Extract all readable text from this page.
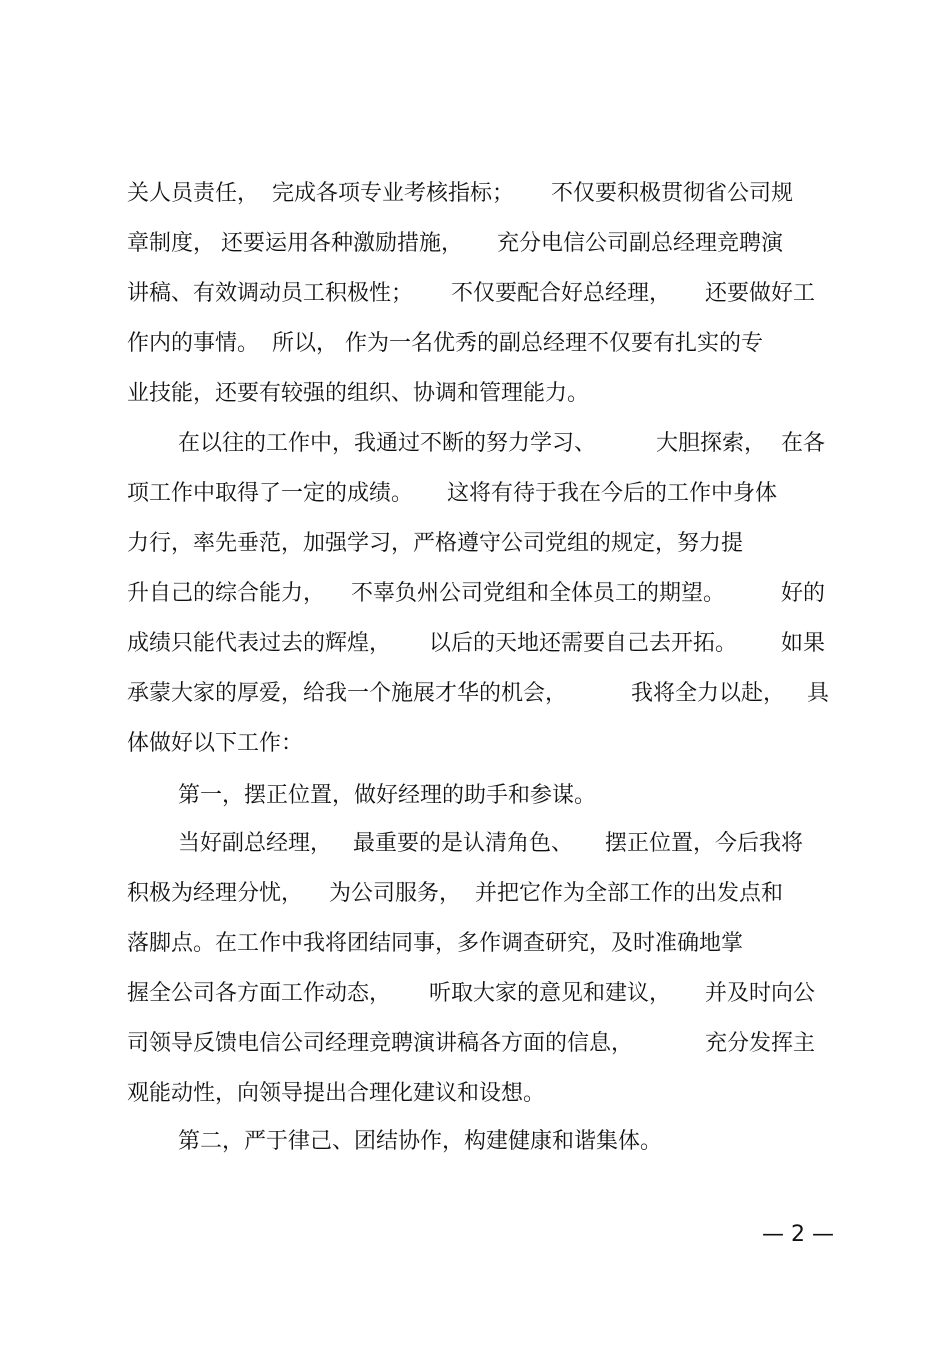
关人员责任，

完成各项专业考核指标；

不仅要积极贯彻省公司规

章制度，

还要运用各种激励措施，

充分电信公司副总经理竞聘演

讲稿、有效调动员工积极性；

不仅要配合好总经理，

还要做好工

作内的事情。

所以，

作为一名优秀的副总经理不仅要有扎实的专

业技能，还要有较强的组织、协调和管理能力。

在以往的工作中，我通过不断的努力学习、

	大胆探索，

在各

项工作中取得了一定的成绩。

这将有待于我在今后的工作中身体

力行，率先垂范，加强学习，严格遵守公司党组的规定，努力提

升自己的综合能力，

不辜负州公司党组和全体员工的期望。

	好的

成绩只能代表过去的辉煌，

以后的天地还需要自己去开拓。

如果

承蒙大家的厚爱，给我一个施展才华的机会，

	我将全力以赴，

具

体做好以下工作：

第一，摆正位置，做好经理的助手和参谋。

当好副总经理，

最重要的是认清角色、

摆正位置，今后我将

积极为经理分忧，

为公司服务，

并把它作为全部工作的出发点和

落脚点。在工作中我将团结同事，多作调查研究，及时准确地掌

握全公司各方面工作动态，

听取大家的意见和建议，

并及时向公

司领导反馈电信公司经理竞聘演讲稿各方面的信息，

	充分发挥主

观能动性，向领导提出合理化建议和设想。

第二，严于律己、团结协作，构建健康和谐集体。

— 2 —
